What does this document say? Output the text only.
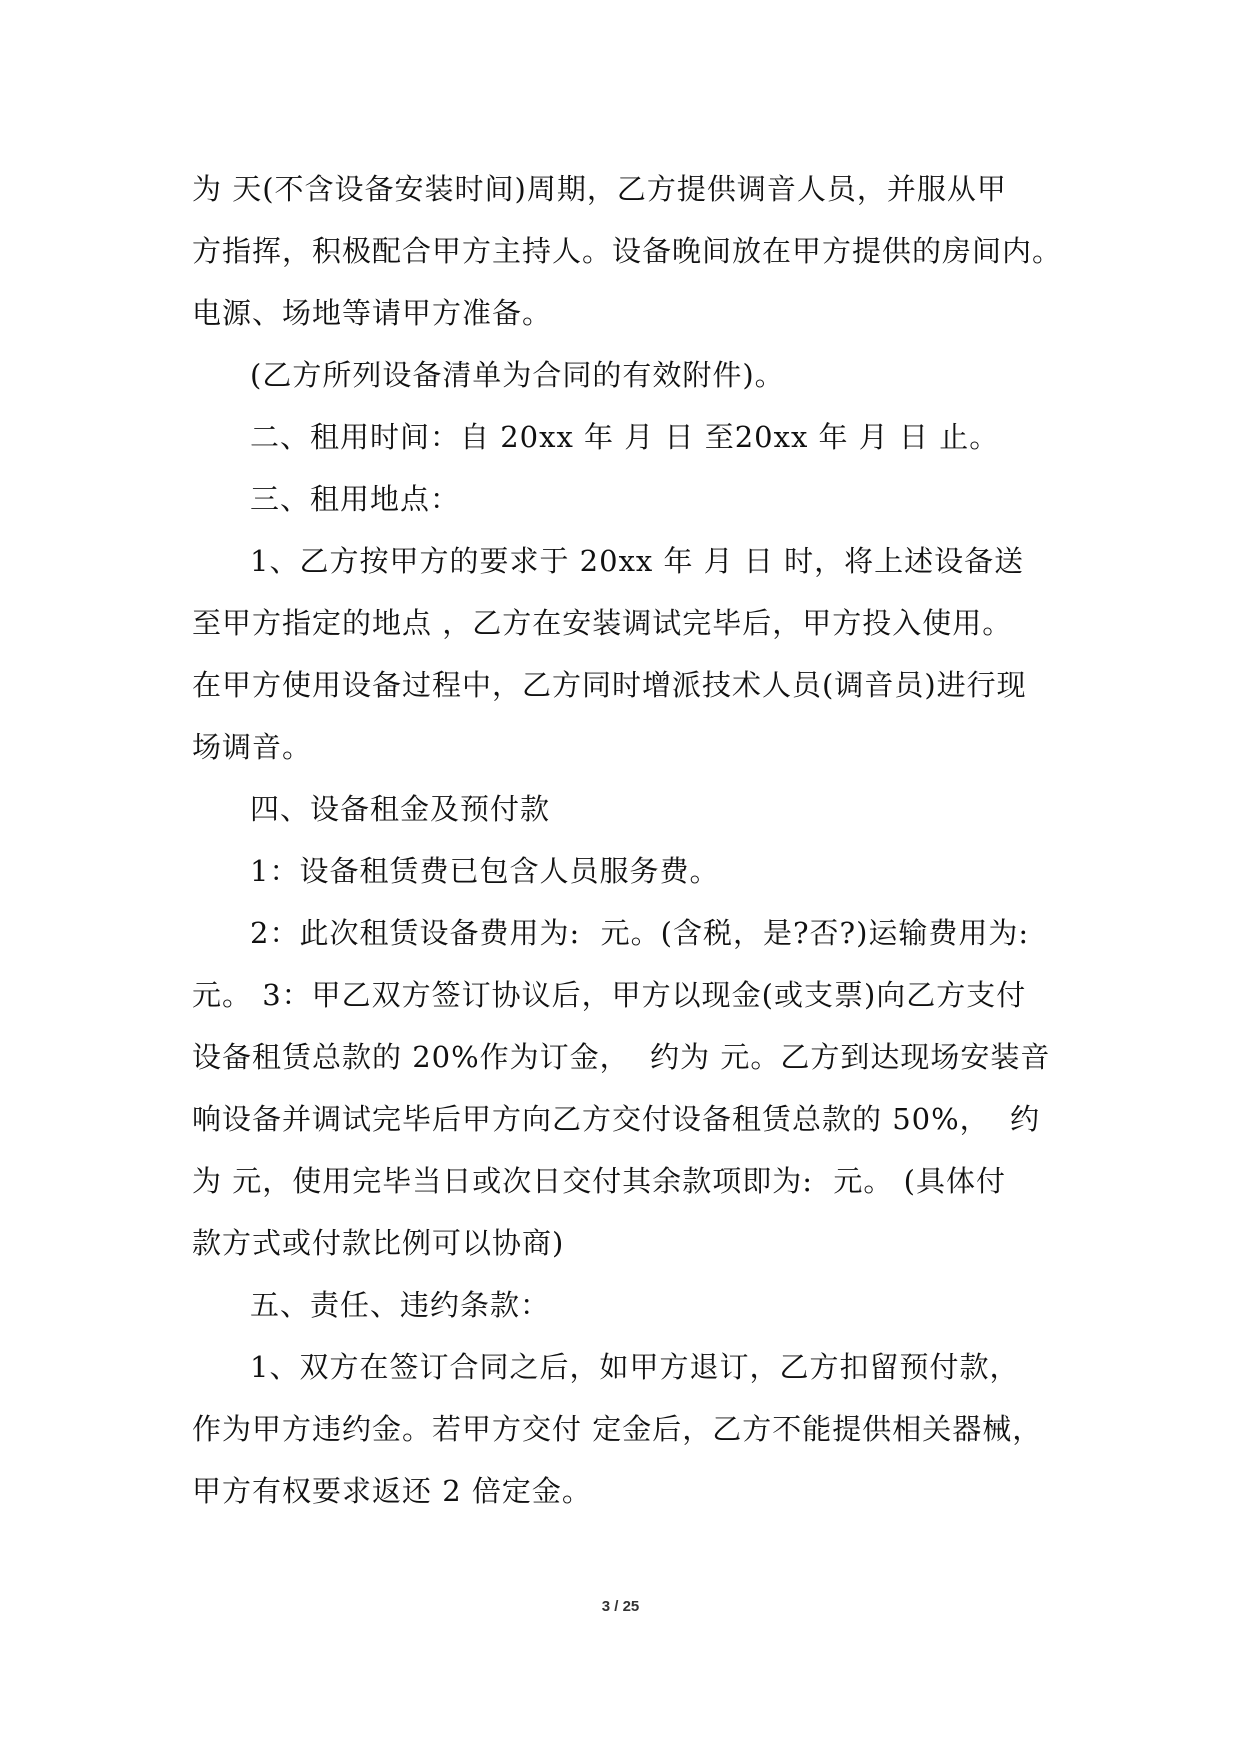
为 天(不含设备安装时间)周期，乙方提供调音人员，并服从甲
方指挥，积极配合甲方主持人。设备晚间放在甲方提供的房间内。
电源、场地等请甲方准备。
(乙方所列设备清单为合同的有效附件)。
二、租用时间：自 20xx 年 月 日 至20xx 年 月 日 止。
三、租用地点：
1、乙方按甲方的要求于 20xx 年 月 日 时，将上述设备送
至甲方指定的地点 ，乙方在安装调试完毕后，甲方投入使用。
在甲方使用设备过程中，乙方同时增派技术人员(调音员)进行现
场调音。
四、设备租金及预付款
1：设备租赁费已包含人员服务费。
2：此次租赁设备费用为:  元。(含税，是?否?)运输费用为:
元。 3：甲乙双方签订协议后，甲方以现金(或支票)向乙方支付
设备租赁总款的 20%作为订金，  约为 元。乙方到达现场安装音
响设备并调试完毕后甲方向乙方交付设备租赁总款的 50%，  约
为 元，使用完毕当日或次日交付其余款项即为:  元。 (具体付
款方式或付款比例可以协商)
五、责任、违约条款：
1、双方在签订合同之后，如甲方退订，乙方扣留预付款，
作为甲方违约金。若甲方交付 定金后，乙方不能提供相关器械，
甲方有权要求返还 2 倍定金。
3 / 25
